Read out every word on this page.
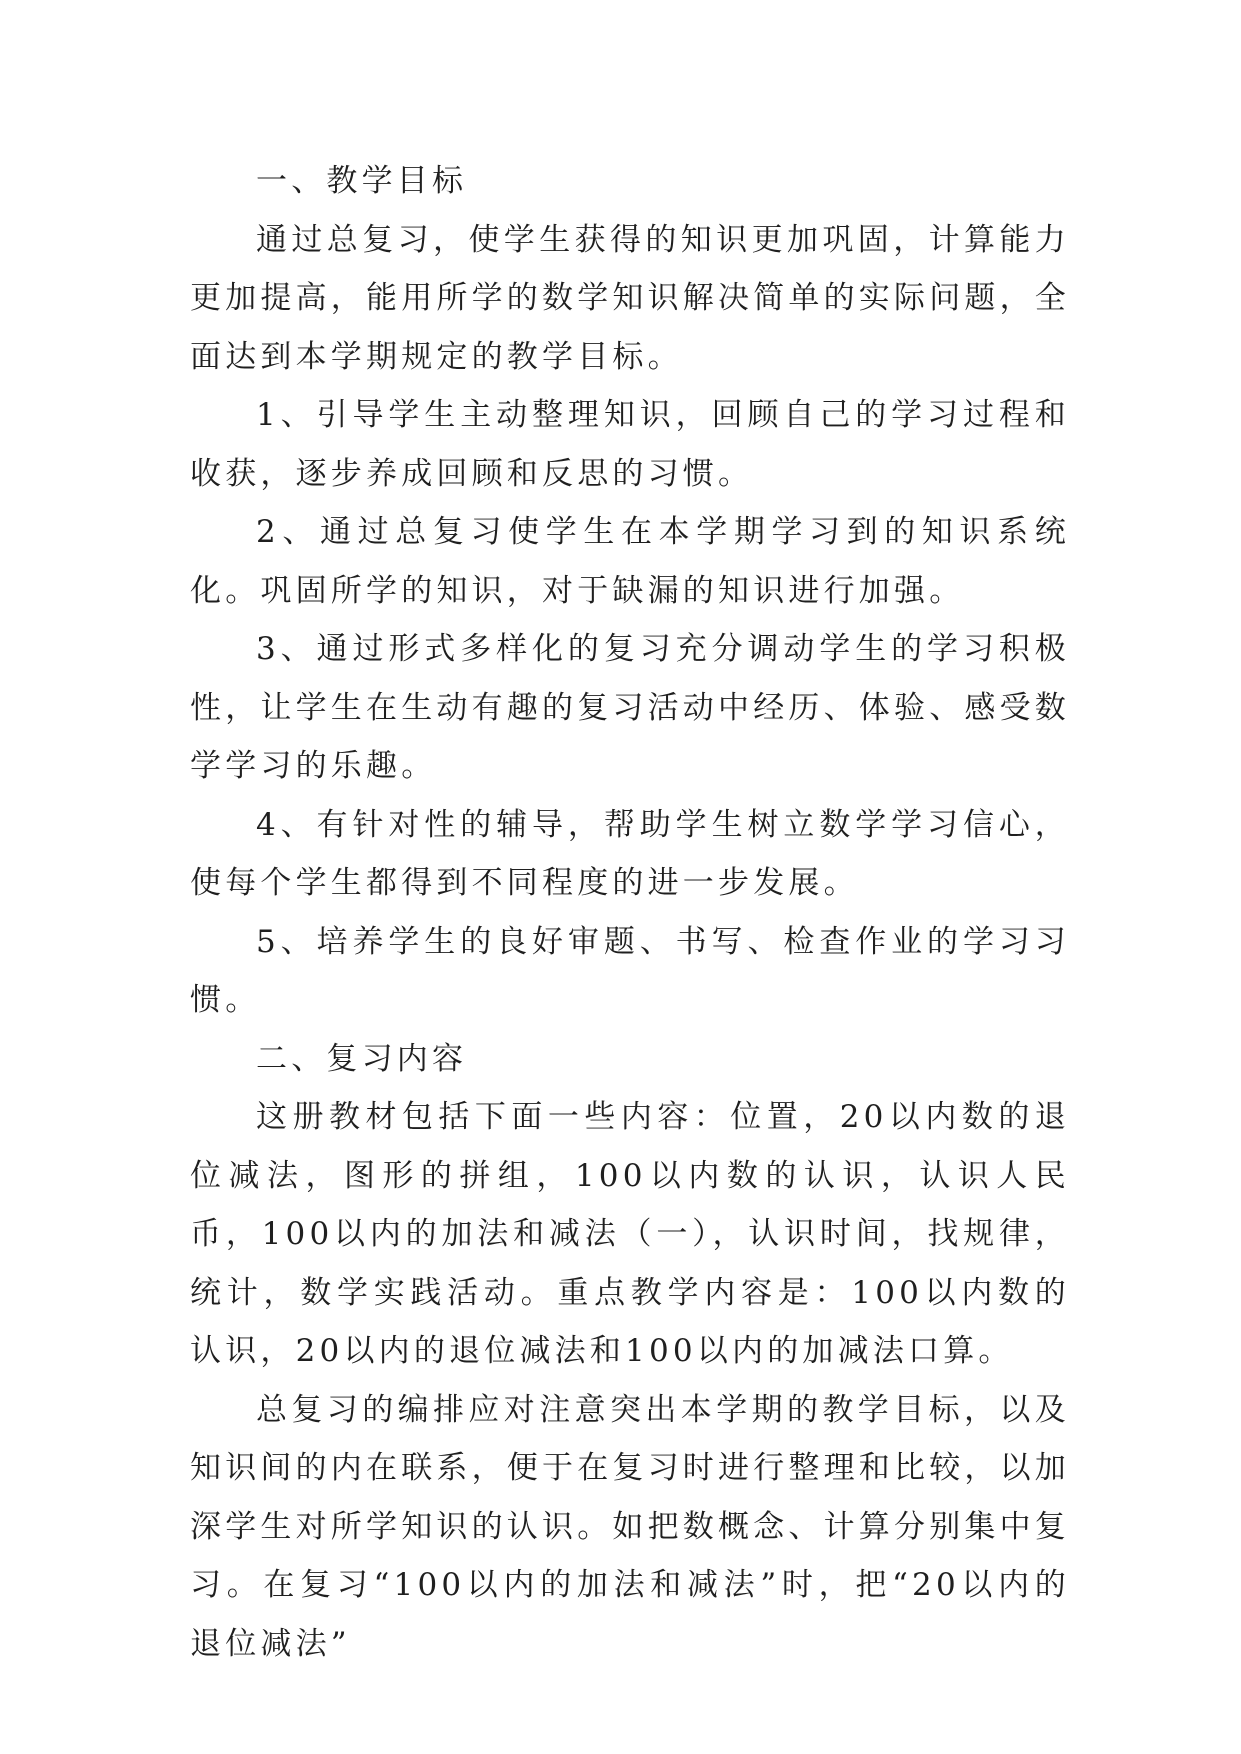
一、教学目标

通过总复习，使学生获得的知识更加巩固，计算能力更加提高，能用所学的数学知识解决简单的实际问题，全面达到本学期规定的教学目标。

1、引导学生主动整理知识，回顾自己的学习过程和收获，逐步养成回顾和反思的习惯。

2、通过总复习使学生在本学期学习到的知识系统化。巩固所学的知识，对于缺漏的知识进行加强。

3、通过形式多样化的复习充分调动学生的学习积极性，让学生在生动有趣的复习活动中经历、体验、感受数学学习的乐趣。

4、有针对性的辅导，帮助学生树立数学学习信心，使每个学生都得到不同程度的进一步发展。

5、培养学生的良好审题、书写、检查作业的学习习惯。

二、复习内容

这册教材包括下面一些内容：位置，20以内数的退位减法，图形的拼组，100以内数的认识，认识人民币，100以内的加法和减法（一），认识时间，找规律，统计，数学实践活动。重点教学内容是：100以内数的认识，20以内的退位减法和100以内的加减法口算。

总复习的编排应对注意突出本学期的教学目标，以及知识间的内在联系，便于在复习时进行整理和比较，以加深学生对所学知识的认识。如把数概念、计算分别集中复习。在复习“100以内的加法和减法”时，把“20以内的退位减法”
